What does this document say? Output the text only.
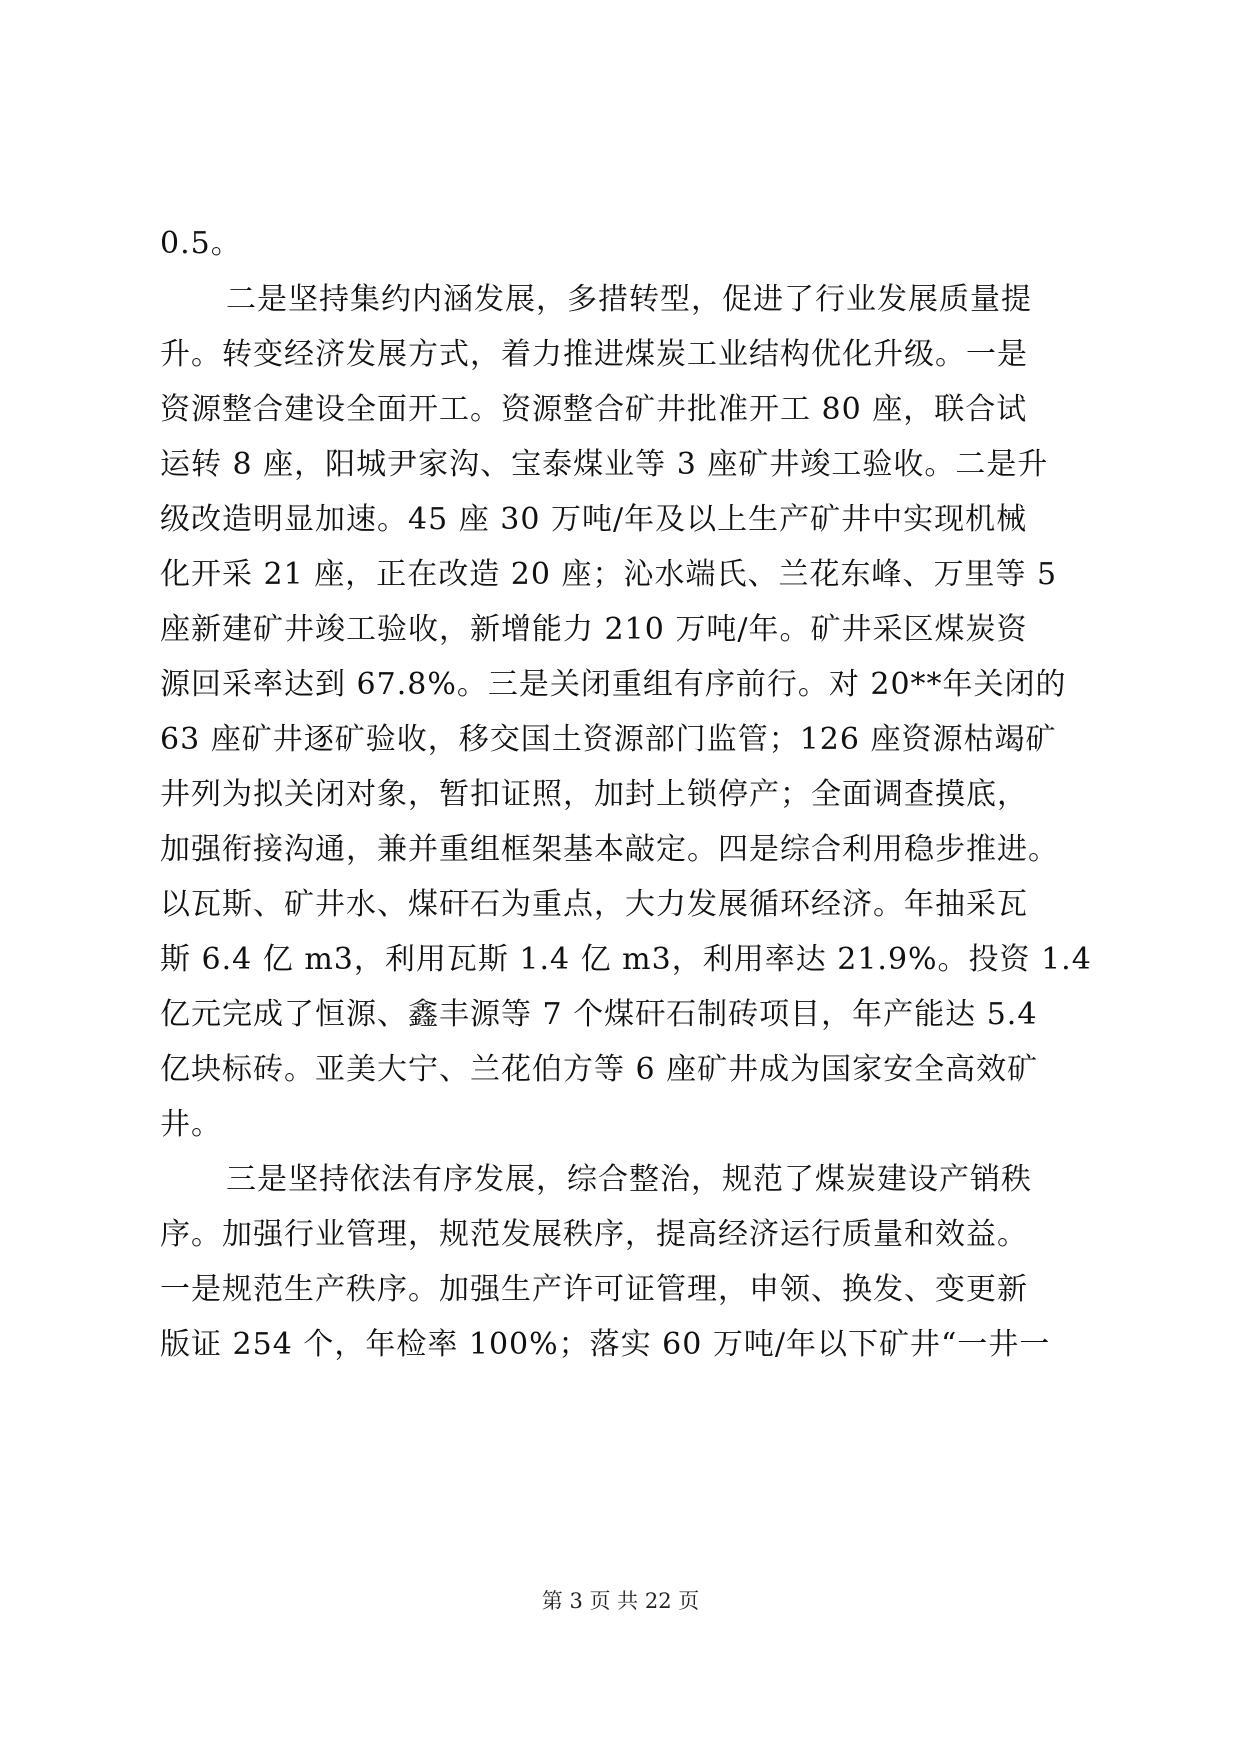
0.5。
二是坚持集约内涵发展，多措转型，促进了行业发展质量提
升。转变经济发展方式，着力推进煤炭工业结构优化升级。一是
资源整合建设全面开工。资源整合矿井批准开工 80 座，联合试
运转 8 座，阳城尹家沟、宝泰煤业等 3 座矿井竣工验收。二是升
级改造明显加速。45 座 30 万吨/年及以上生产矿井中实现机械
化开采 21 座，正在改造 20 座；沁水端氏、兰花东峰、万里等 5
座新建矿井竣工验收，新增能力 210 万吨/年。矿井采区煤炭资
源回采率达到 67.8%。三是关闭重组有序前行。对 20**年关闭的
63 座矿井逐矿验收，移交国土资源部门监管；126 座资源枯竭矿
井列为拟关闭对象，暂扣证照，加封上锁停产；全面调查摸底，
加强衔接沟通，兼并重组框架基本敲定。四是综合利用稳步推进。
以瓦斯、矿井水、煤矸石为重点，大力发展循环经济。年抽采瓦
斯 6.4 亿 m3，利用瓦斯 1.4 亿 m3，利用率达 21.9%。投资 1.4
亿元完成了恒源、鑫丰源等 7 个煤矸石制砖项目，年产能达 5.4
亿块标砖。亚美大宁、兰花伯方等 6 座矿井成为国家安全高效矿
井。
三是坚持依法有序发展，综合整治，规范了煤炭建设产销秩
序。加强行业管理，规范发展秩序，提高经济运行质量和效益。
一是规范生产秩序。加强生产许可证管理，申领、换发、变更新
版证 254 个，年检率 100%；落实 60 万吨/年以下矿井“一井一
第 3 页 共 22 页
